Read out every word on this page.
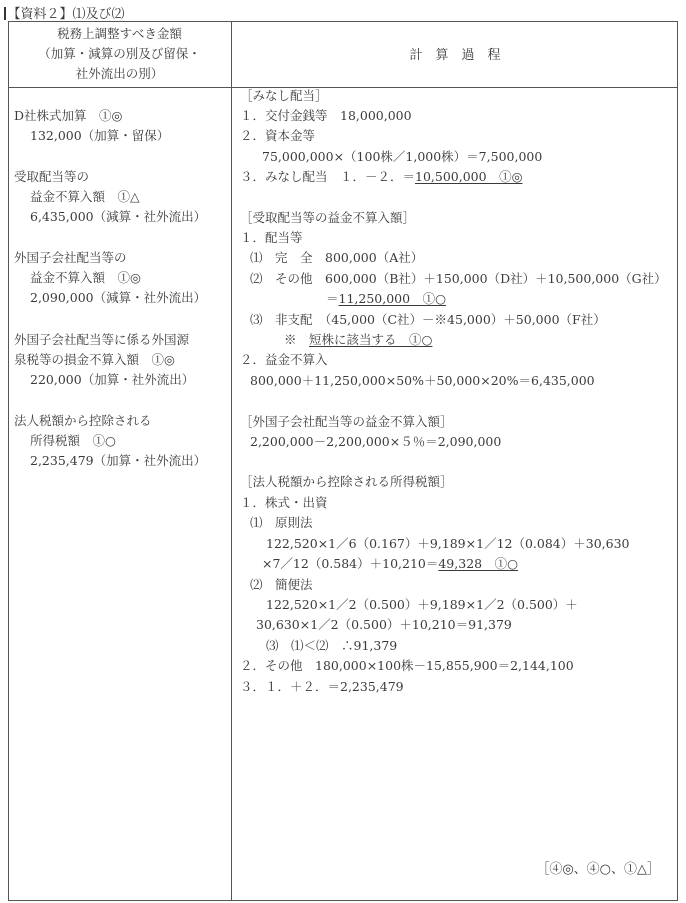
【資料２】⑴及び⑵
税務上調整すべき金額
（加算・減算の別及び留保・
社外流出の別）
計　算　過　程
D社株式加算　 ①◎
132,000（加算・留保）
受取配当等の
益金不算入額　 ①△
6,435,000（減算・社外流出）
外国子会社配当等の
益金不算入額　 ①◎
2,090,000（減算・社外流出）
外国子会社配当等に係る外国源
泉税等の損金不算入額　 ①◎
220,000（加算・社外流出）
法人税額から控除される
所得税額　 ①○
2,235,479（加算・社外流出）
［みなし配当］
１．交付金銭等　18,000,000
２．資本金等
75,000,000×（100株／1,000株）＝7,500,000
３．みなし配当　１．－２．＝10,500,000　①◎
［受取配当等の益金不算入額］
１．配当等
⑴　完　全　800,000（A社）
⑵　その他　600,000（B社）＋150,000（D社）＋10,500,000（G社）
＝11,250,000　①○
⑶　非支配　（45,000（C社）－※45,000）＋50,000（F社）
※　短株に該当する　①○
２．益金不算入
800,000＋11,250,000×50%＋50,000×20%＝6,435,000
［外国子会社配当等の益金不算入額］
2,200,000－2,200,000×５％＝2,090,000
［法人税額から控除される所得税額］
１．株式・出資
⑴　原則法
122,520×1／6（0.167）＋9,189×1／12（0.084）＋30,630
×7／12（0.584）＋10,210＝49,328　①○
⑵　簡便法
122,520×1／2（0.500）＋9,189×1／2（0.500）＋
30,630×1／2（0.500）＋10,210＝91,379
⑶　⑴＜⑵　∴91,379
２．その他　180,000×100株－15,855,900＝2,144,100
３．１．＋２．＝2,235,479
［④◎、④○、①△］
